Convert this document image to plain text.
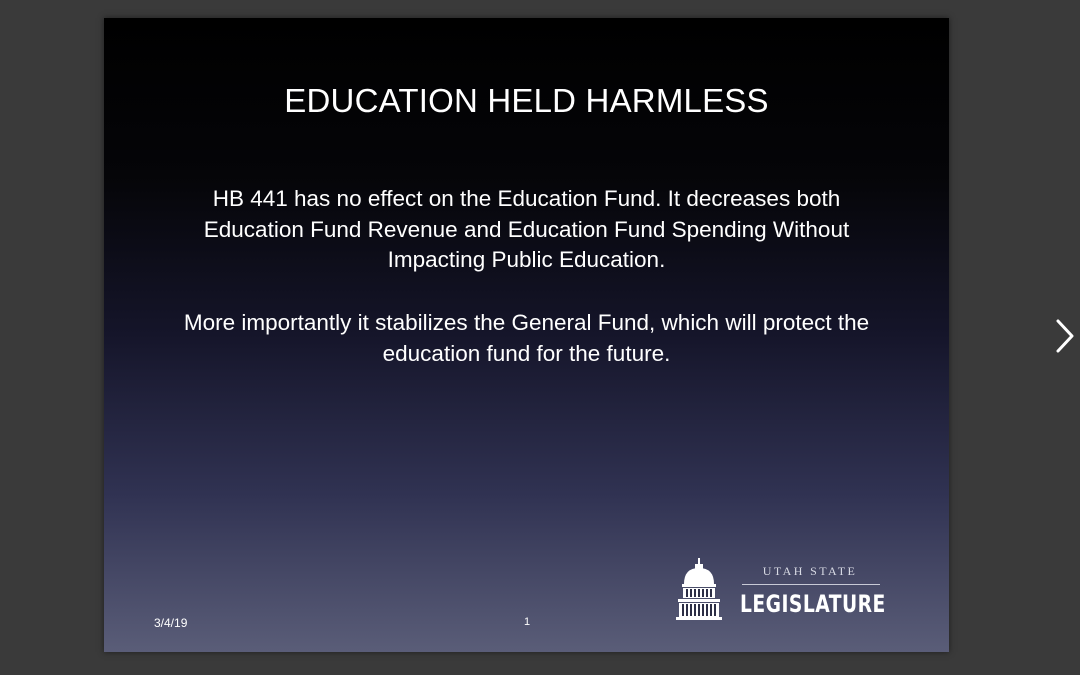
EDUCATION HELD HARMLESS
HB 441 has no effect on the Education Fund. It decreases both Education Fund Revenue and Education Fund Spending Without Impacting Public Education.
More importantly it stabilizes the General Fund, which will protect the education fund for the future.
3/4/19	1
UTAH STATE
LEGISLATURE
